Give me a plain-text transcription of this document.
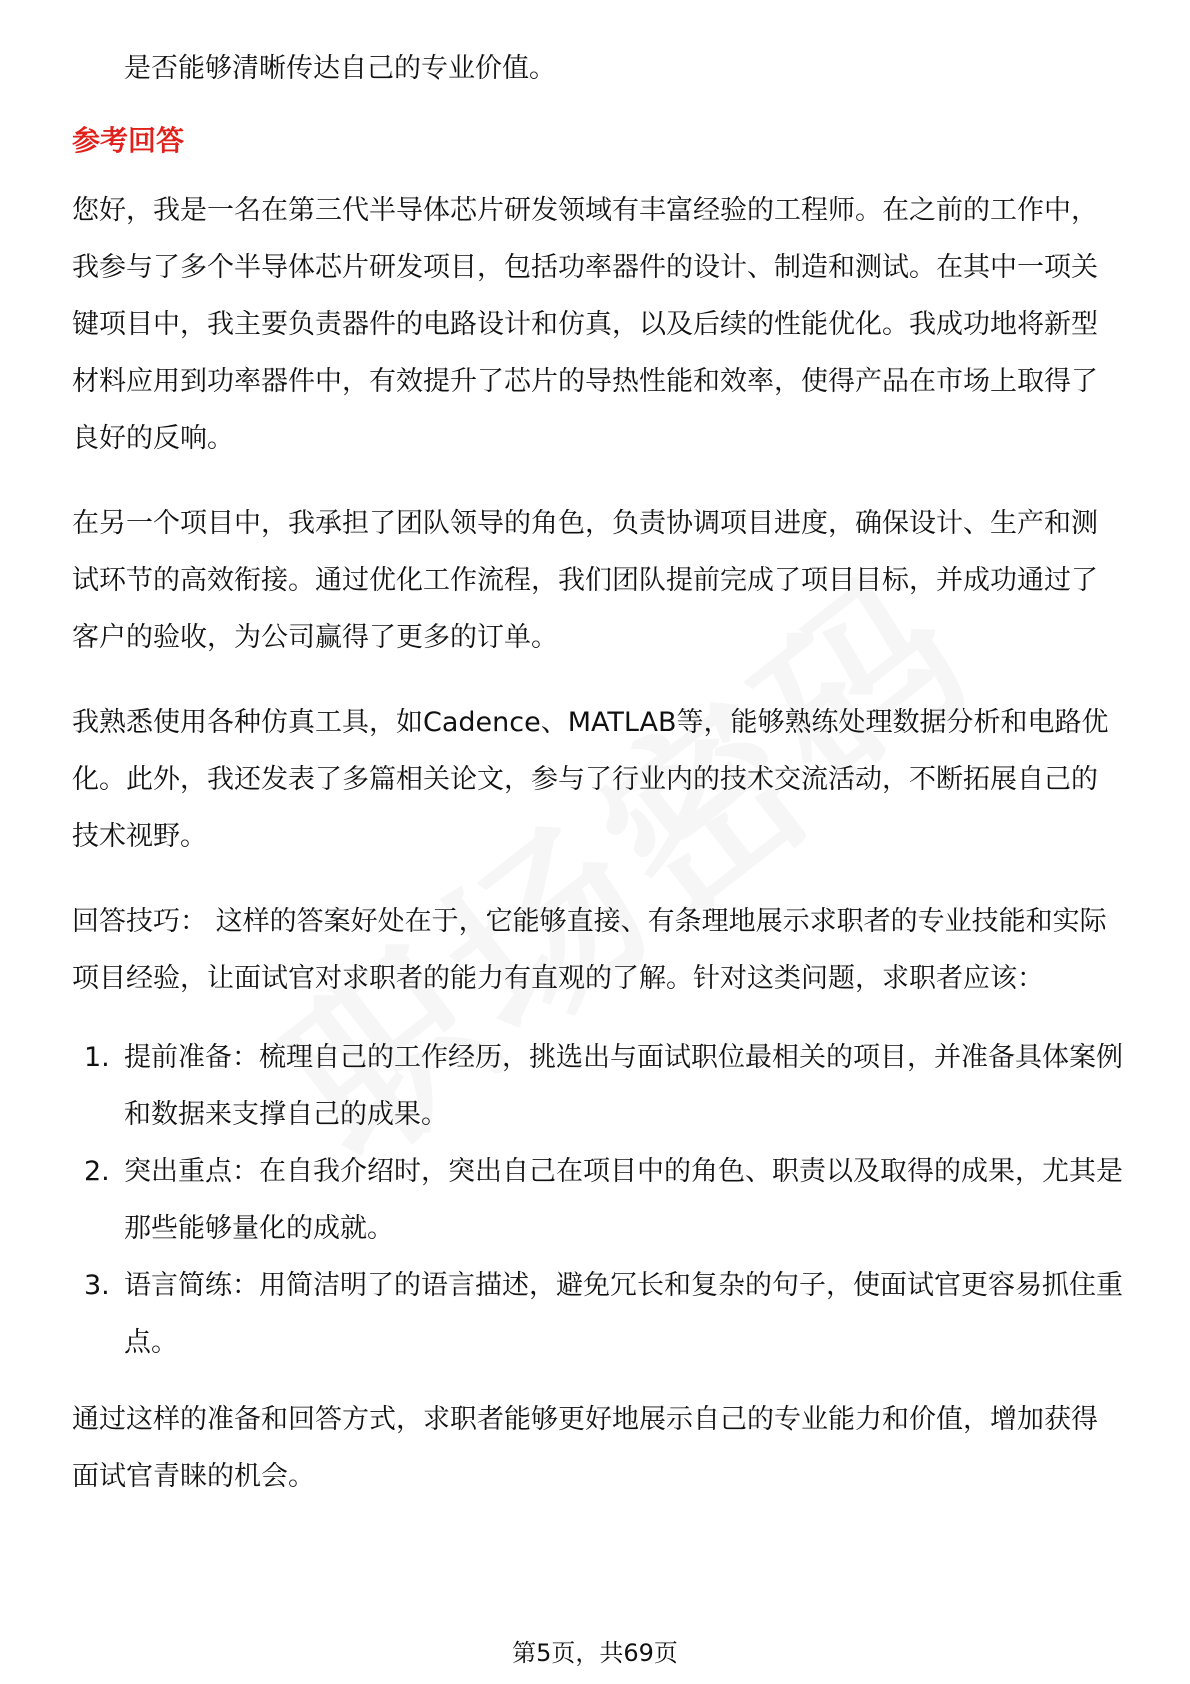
是否能够清晰传达自己的专业价值。

参考回答

您好，我是一名在第三代半导体芯片研发领域有丰富经验的工程师。在之前的工作中，我参与了多个半导体芯片研发项目，包括功率器件的设计、制造和测试。在其中一项关键项目中，我主要负责器件的电路设计和仿真，以及后续的性能优化。我成功地将新型材料应用到功率器件中，有效提升了芯片的导热性能和效率，使得产品在市场上取得了良好的反响。

在另一个项目中，我承担了团队领导的角色，负责协调项目进度，确保设计、生产和测试环节的高效衔接。通过优化工作流程，我们团队提前完成了项目目标，并成功通过了客户的验收，为公司赢得了更多的订单。

我熟悉使用各种仿真工具，如Cadence、MATLAB等，能够熟练处理数据分析和电路优化。此外，我还发表了多篇相关论文，参与了行业内的技术交流活动，不断拓展自己的技术视野。

回答技巧： 这样的答案好处在于，它能够直接、有条理地展示求职者的专业技能和实际项目经验，让面试官对求职者的能力有直观的了解。针对这类问题，求职者应该：

1. 提前准备：梳理自己的工作经历，挑选出与面试职位最相关的项目，并准备具体案例和数据来支撑自己的成果。
2. 突出重点：在自我介绍时，突出自己在项目中的角色、职责以及取得的成果，尤其是那些能够量化的成就。
3. 语言简练：用简洁明了的语言描述，避免冗长和复杂的句子，使面试官更容易抓住重点。

通过这样的准备和回答方式，求职者能够更好地展示自己的专业能力和价值，增加获得面试官青睐的机会。

第5页，共69页
